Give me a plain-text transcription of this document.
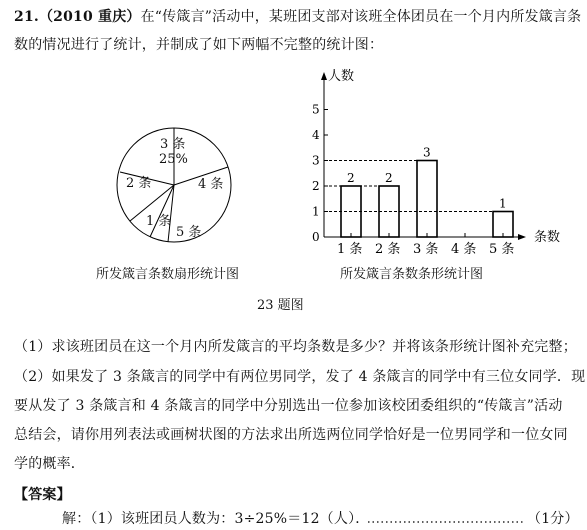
21.（2010 重庆）在“传箴言”活动中，某班团支部对该班全体团员在一个月内所发箴言条
数的情况进行了统计，并制成了如下两幅不完整的统计图：
3 条
25%
2 条	4 条
1 条
5 条
所发箴言条数扇形统计图
人数
条数
0
1
2
3
4
5
2
1 条
2
2 条
3
3 条 4 条
1
5 条
所发箴言条数条形统计图
23 题图
（1）求该班团员在这一个月内所发箴言的平均条数是多少？并将该条形统计图补充完整；
（2）如果发了 3 条箴言的同学中有两位男同学，发了 4 条箴言的同学中有三位女同学．现
要从发了 3 条箴言和 4 条箴言的同学中分别选出一位参加该校团委组织的“传箴言”活动
总结会，请你用列表法或画树状图的方法求出所选两位同学恰好是一位男同学和一位女同
学的概率．
【答案】
解：（1）该班团员人数为：3÷25%＝12（人）．	（1分）
